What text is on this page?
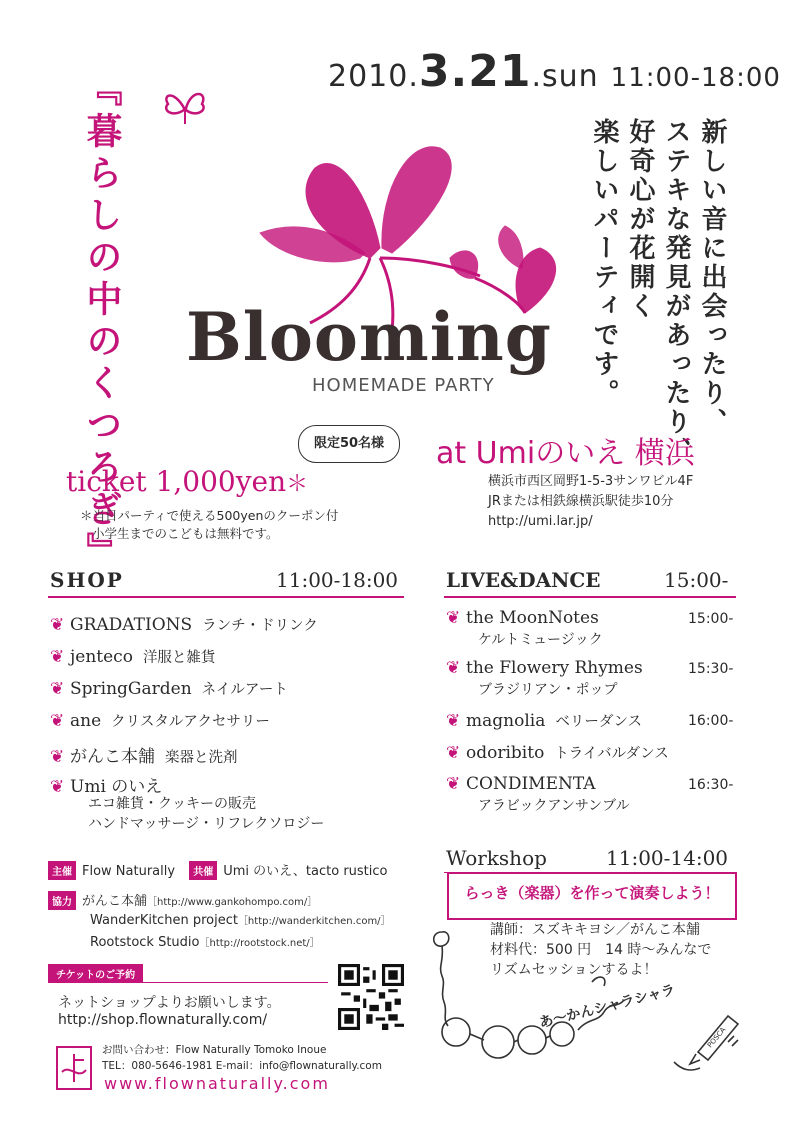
2010.3.21.sun 11:00-18:00
『暮らしの中のくつろぎ』	新しい音に出会ったり、
ステキな発見があったり、
好奇心が花開く
楽しいパーティです。
Blooming
HOMEMADE PARTY
限定50名様
ticket 1,000yen＊
＊当日パーティで使える500yenのクーポン付
小学生までのこどもは無料です。
at Umiのいえ 横浜
横浜市西区岡野1-5-3サンワビル4F
JRまたは相鉄線横浜駅徒歩10分
http://umi.lar.jp/
SHOP	11:00-18:00
❦ GRADATIONS ランチ・ドリンク
❦ jenteco 洋服と雑貨
❦ SpringGarden ネイルアート
❦ ane クリスタルアクセサリー
❦ がんこ本舗 楽器と洗剤
❦ Umi のいえ
エコ雑貨・クッキーの販売
ハンドマッサージ・リフレクソロジー
LIVE&DANCE	15:00-
❦ the MoonNotes	15:00-
ケルトミュージック
❦ the Flowery Rhymes	15:30-
ブラジリアン・ポップ
❦ magnolia ベリーダンス	16:00-
❦ odoribito トライバルダンス
❦ CONDIMENTA	16:30-
アラビックアンサンブル
Workshop	11:00-14:00
らっき（楽器）を作って演奏しよう！
講師：スズキキヨシ／がんこ本舗
材料代：500 円　14 時〜みんなで
リズムセッションするよ！
あ〜かんシャラシャラ
POSCA
主催 Flow Naturally 共催 Umi のいえ、tacto rustico
協力 がんこ本舗［http://www.gankohompo.com/］
WanderKitchen project［http://wanderkitchen.com/］
Rootstock Studio［http://rootstock.net/］
チケットのご予約
ネットショップよりお願いします。
http://shop.flownaturally.com/
お問い合わせ：Flow Naturally Tomoko Inoue
TEL：080-5646-1981 E-mail：info@flownaturally.com
www.flownaturally.com
